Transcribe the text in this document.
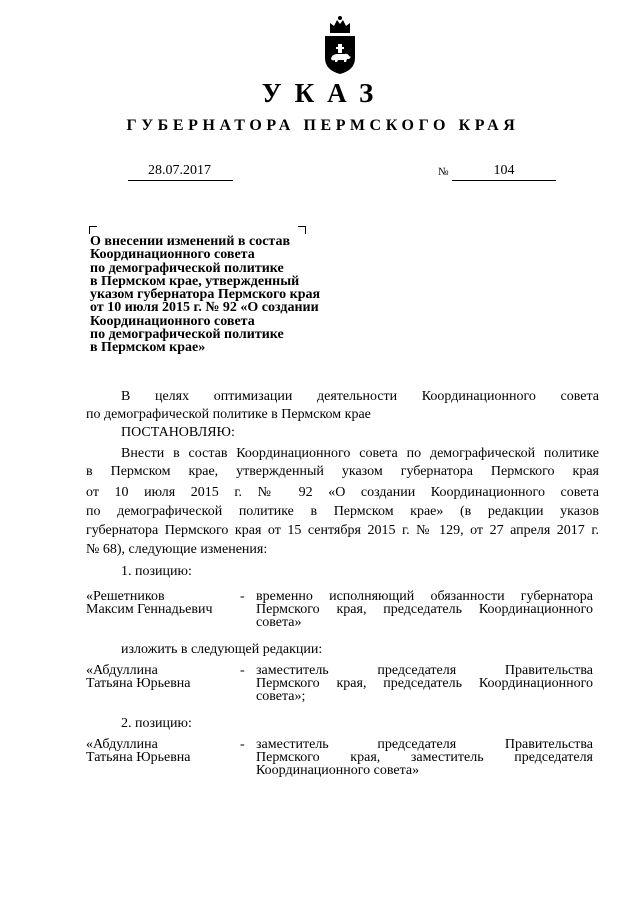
УКАЗ
ГУБЕРНАТОРА ПЕРМСКОГО КРАЯ
28.07.2017	№	104
О внесении изменений в состав
Координационного совета
по демографической политике
в Пермском крае, утвержденный
указом губернатора Пермского края
от 10 июля 2015 г. № 92 «О создании
Координационного совета
по демографической политике
в Пермском крае»
В целях оптимизации деятельности Координационного совета
по демографической политике в Пермском крае
ПОСТАНОВЛЯЮ:
Внести в состав Координационного совета по демографической политике
в Пермском крае, утвержденный указом губернатора Пермского края
от 10 июля 2015 г. № 92 «О создании Координационного совета
по демографической политике в Пермском крае» (в редакции указов
губернатора Пермского края от 15 сентября 2015 г. № 129, от 27 апреля 2017 г.
№ 68), следующие изменения:
1. позицию:
«Решетников
Максим Геннадьевич
- временно исполняющий обязанности губернатора
Пермского края, председатель Координационного
совета»
изложить в следующей редакции:
«Абдуллина
Татьяна Юрьевна
- заместитель председателя Правительства
Пермского края, председатель Координационного
совета»;
2. позицию:
«Абдуллина
Татьяна Юрьевна
- заместитель председателя Правительства
Пермского края, заместитель председателя
Координационного совета»
